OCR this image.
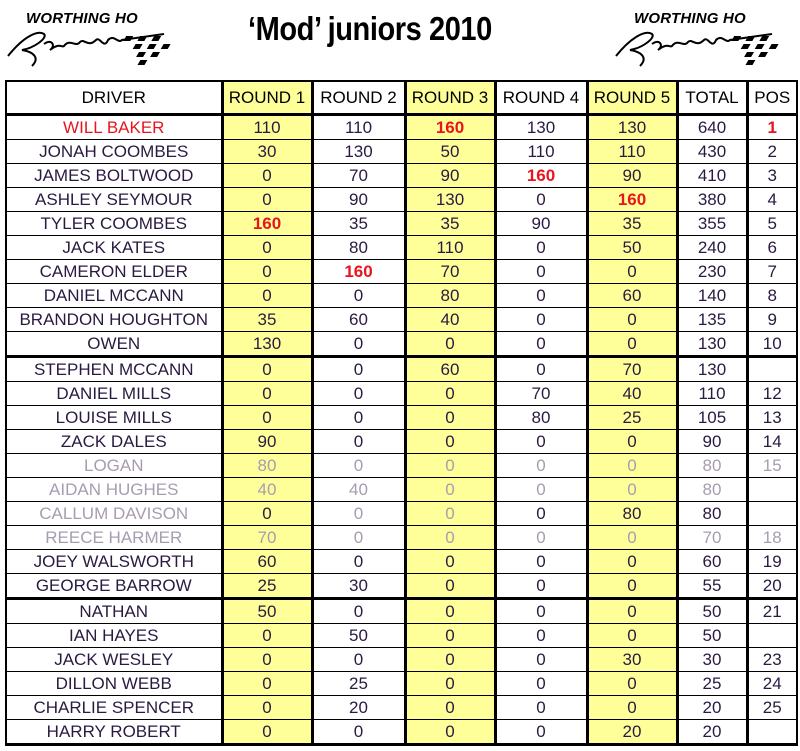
WORTHING HO	‘Mod’ juniors 2010	WORTHING HO
DRIVER	ROUND 1	ROUND 2	ROUND 3	ROUND 4	ROUND 5	TOTAL	POS
WILL BAKER	110	110	160	130	130	640	1
JONAH COOMBES	30	130	50	110	110	430	2
JAMES BOLTWOOD	0	70	90	160	90	410	3
ASHLEY SEYMOUR	0	90	130	0	160	380	4
TYLER COOMBES	160	35	35	90	35	355	5
JACK KATES	0	80	110	0	50	240	6
CAMERON ELDER	0	160	70	0	0	230	7
DANIEL MCCANN	0	0	80	0	60	140	8
BRANDON HOUGHTON	35	60	40	0	0	135	9
OWEN	130	0	0	0	0	130	10
STEPHEN MCCANN	0	0	60	0	70	130	
DANIEL MILLS	0	0	0	70	40	110	12
LOUISE MILLS	0	0	0	80	25	105	13
ZACK DALES	90	0	0	0	0	90	14
LOGAN	80	0	0	0	0	80	15
AIDAN HUGHES	40	40	0	0	0	80	
CALLUM DAVISON	0	0	0	0	80	80	
REECE HARMER	70	0	0	0	0	70	18
JOEY WALSWORTH	60	0	0	0	0	60	19
GEORGE BARROW	25	30	0	0	0	55	20
NATHAN	50	0	0	0	0	50	21
IAN HAYES	0	50	0	0	0	50	
JACK WESLEY	0	0	0	0	30	30	23
DILLON WEBB	0	25	0	0	0	25	24
CHARLIE SPENCER	0	20	0	0	0	20	25
HARRY ROBERT	0	0	0	0	20	20	
